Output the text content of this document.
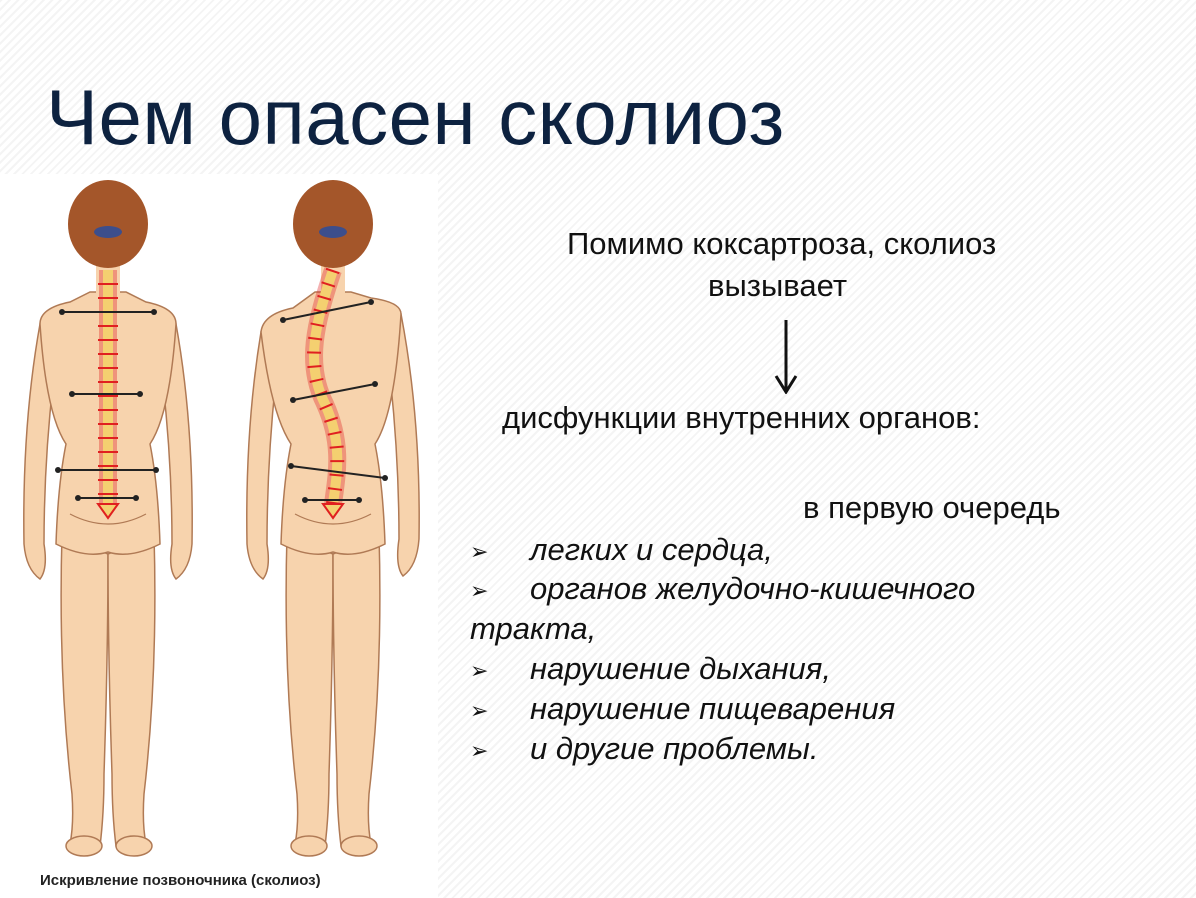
Чем опасен сколиоз
Искривление позвоночника (сколиоз)
Помимо коксартроза, сколиоз
вызывает
дисфункции внутренних органов:
в первую очередь
➢ легких и сердца,
➢ органов желудочно-кишечного
тракта,
➢ нарушение дыхания,
➢ нарушение пищеварения
➢ и другие проблемы.
